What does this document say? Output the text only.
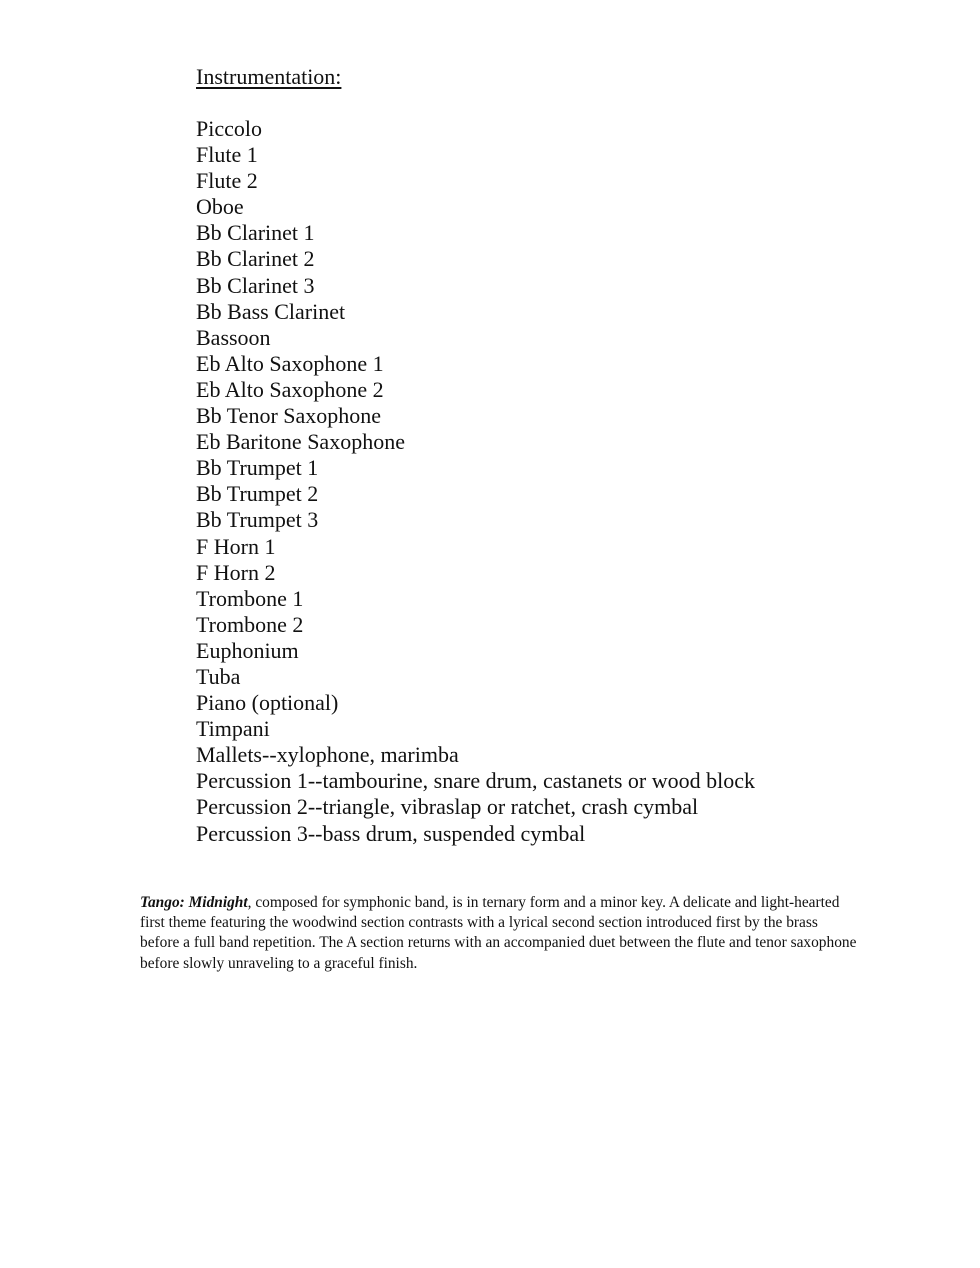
Instrumentation:
Piccolo
Flute 1
Flute 2
Oboe
Bb Clarinet 1
Bb Clarinet 2
Bb Clarinet 3
Bb Bass Clarinet
Bassoon
Eb Alto Saxophone 1
Eb Alto Saxophone 2
Bb Tenor Saxophone
Eb Baritone Saxophone
Bb Trumpet 1
Bb Trumpet 2
Bb Trumpet 3
F Horn 1
F Horn 2
Trombone 1
Trombone 2
Euphonium
Tuba
Piano (optional)
Timpani
Mallets--xylophone, marimba
Percussion 1--tambourine, snare drum, castanets or wood block
Percussion 2--triangle, vibraslap or ratchet, crash cymbal
Percussion 3--bass drum, suspended cymbal

Tango: Midnight, composed for symphonic band, is in ternary form and a minor key. A delicate and light-hearted first theme featuring the woodwind section contrasts with a lyrical second section introduced first by the brass before a full band repetition. The A section returns with an accompanied duet between the flute and tenor saxophone before slowly unraveling to a graceful finish.
